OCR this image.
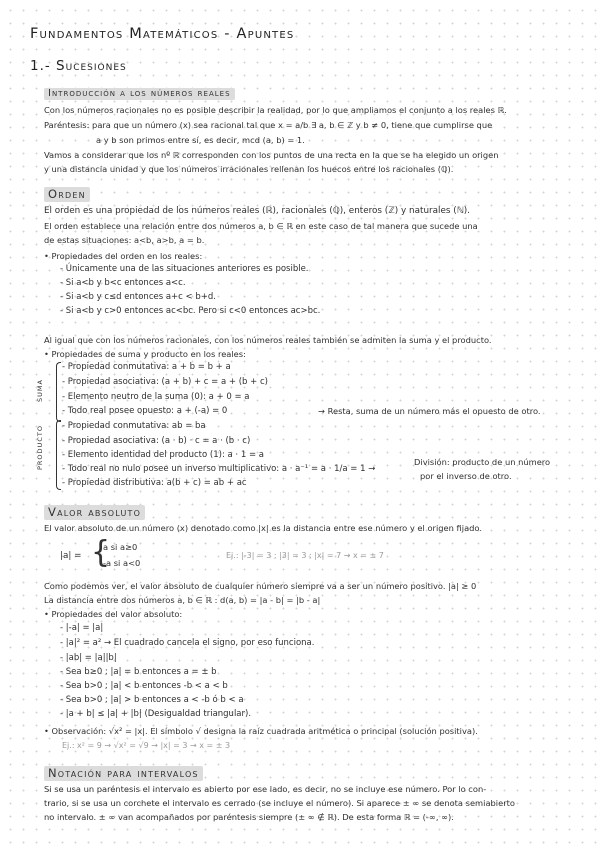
Fundamentos Matemáticos - Apuntes
1.- Sucesiones
Introducción a los números reales
Con los números racionales no es posible describir la realidad, por lo que ampliamos el conjunto a los reales ℝ.
Paréntesis: para que un número (x) sea racional tal que x = a/b ∃ a, b ∈ ℤ y b ≠ 0, tiene que cumplirse que
a y b son primos entre sí, es decir, mcd (a, b) = 1.
Vamos a considerar que los nº ℝ corresponden con los puntos de una recta en la que se ha elegido un origen
y una distancia unidad y que los números irracionales rellenan los huecos entre los racionales (ℚ).
Orden
El orden es una propiedad de los números reales (ℝ), racionales (ℚ), enteros (ℤ) y naturales (ℕ).
El orden establece una relación entre dos números a, b ∈ ℝ en este caso de tal manera que sucede una
de estas situaciones: a<b, a>b, a = b.
• Propiedades del orden en los reales:
- Únicamente una de las situaciones anteriores es posible.
- Si a<b y b<c entonces a<c.
- Si a<b y c≤d entonces a+c < b+d.
- Si a<b y c>0 entonces ac<bc. Pero si c<0 entonces ac>bc.
Al igual que con los números racionales, con los números reales también se admiten la suma y el producto.
• Propiedades de suma y producto en los reales:
SUMA
- Propiedad conmutativa: a + b = b + a
- Propiedad asociativa: (a + b) + c = a + (b + c)
- Elemento neutro de la suma (0): a + 0 = a
- Todo real posee opuesto: a + (-a) = 0	→ Resta, suma de un número más el opuesto de otro.
PRODUCTO - Propiedad conmutativa: ab = ba
- Propiedad asociativa: (a · b) · c = a · (b · c)
- Elemento identidad del producto (1): a · 1 = a
- Todo real no nulo posee un inverso multiplicativo: a · a⁻¹ = a · 1/a = 1 →
- Propiedad distributiva: a(b + c) = ab + ac
División: producto de un número
por el inverso de otro.
Valor absoluto
El valor absoluto de un número (x) denotado como |x| es la distancia entre ese número y el origen fijado.
|a| = {
a si a≥0
-a si a<0
Ej.: |-3| = 3 ; |3| = 3 ; |x| = 7 → x = ± 7
Como podemos ver, el valor absoluto de cualquier número siempre va a ser un número positivo. |a| ≥ 0
La distancia entre dos números a, b ∈ ℝ : d(a, b) = |a - b| = |b - a|
• Propiedades del valor absoluto:
- |-a| = |a|
- |a|² = a² → El cuadrado cancela el signo, por eso funciona.
- |ab| = |a||b|
- Sea b≥0 ; |a| = b entonces a = ± b
- Sea b>0 ; |a| < b entonces -b < a < b
- Sea b>0 ; |a| > b entonces a < -b ó b < a
- |a + b| ≤ |a| + |b| (Desigualdad triangular).
• Observación: √x² = |x|. El símbolo √ designa la raíz cuadrada aritmética o principal (solución positiva).
Ej.: x² = 9 → √x² = √9 → |x| = 3 → x = ± 3
Notación para intervalos
Si se usa un paréntesis el intervalo es abierto por ese lado, es decir, no se incluye ese número. Por lo con-
trario, si se usa un corchete el intervalo es cerrado (se incluye el número). Si aparece ± ∞ se denota semiabierto
no intervalo. ± ∞ van acompañados por paréntesis siempre (± ∞ ∉ ℝ). De esta forma ℝ = (-∞, ∞).
